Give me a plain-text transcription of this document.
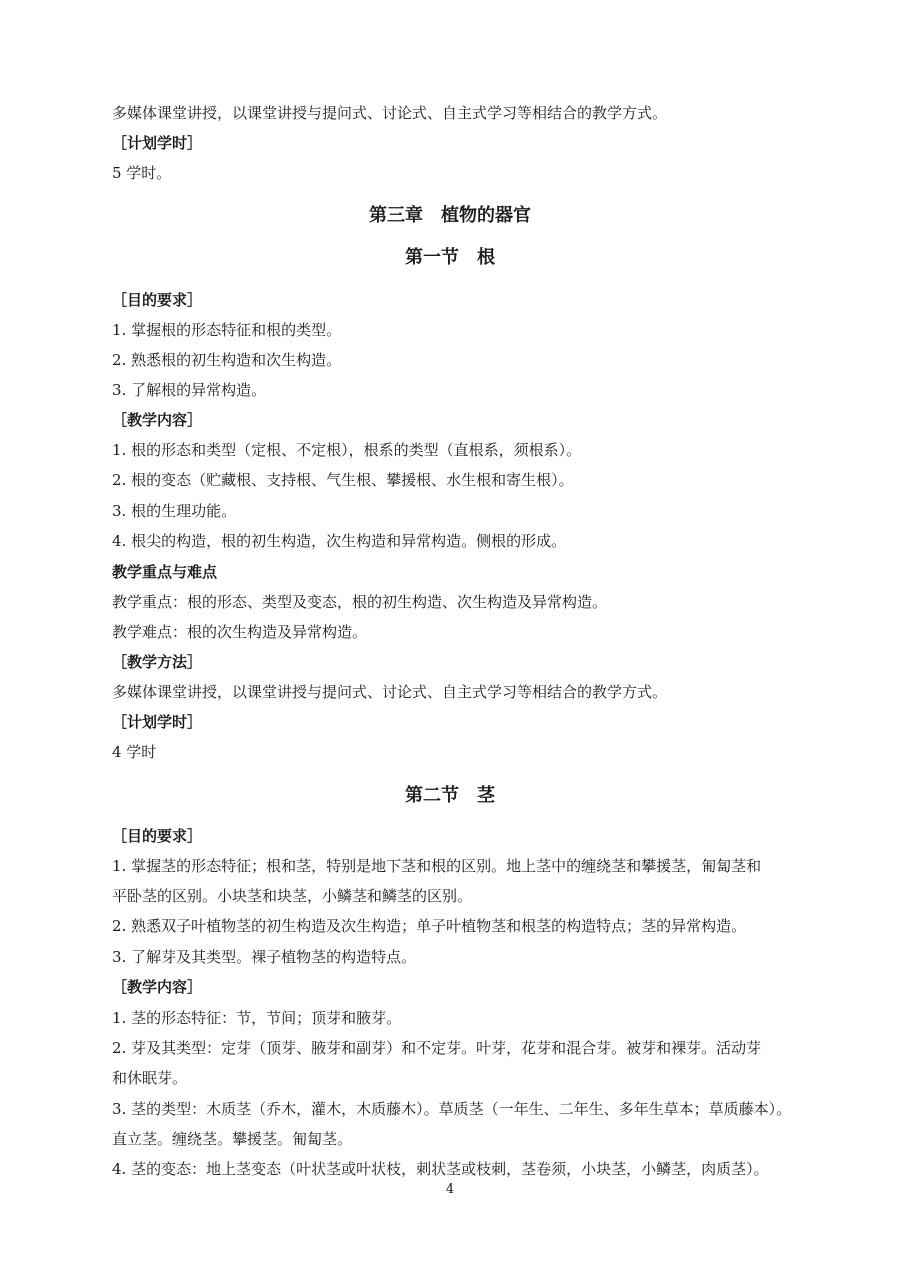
多媒体课堂讲授，以课堂讲授与提问式、讨论式、自主式学习等相结合的教学方式。
［计划学时］
5 学时。
第三章　植物的器官
第一节　根
［目的要求］
1. 掌握根的形态特征和根的类型。
2. 熟悉根的初生构造和次生构造。
3. 了解根的异常构造。
［教学内容］
1. 根的形态和类型（定根、不定根），根系的类型（直根系，须根系）。
2. 根的变态（贮藏根、支持根、气生根、攀援根、水生根和寄生根）。
3. 根的生理功能。
4. 根尖的构造，根的初生构造，次生构造和异常构造。侧根的形成。
教学重点与难点
教学重点：根的形态、类型及变态，根的初生构造、次生构造及异常构造。
教学难点：根的次生构造及异常构造。
［教学方法］
多媒体课堂讲授，以课堂讲授与提问式、讨论式、自主式学习等相结合的教学方式。
［计划学时］
4 学时
第二节　茎
［目的要求］
1. 掌握茎的形态特征；根和茎，特别是地下茎和根的区别。地上茎中的缠绕茎和攀援茎，匍匐茎和
平卧茎的区别。小块茎和块茎，小鳞茎和鳞茎的区别。
2. 熟悉双子叶植物茎的初生构造及次生构造；单子叶植物茎和根茎的构造特点；茎的异常构造。
3. 了解芽及其类型。裸子植物茎的构造特点。
［教学内容］
1. 茎的形态特征：节，节间；顶芽和腋芽。
2. 芽及其类型：定芽（顶芽、腋芽和副芽）和不定芽。叶芽，花芽和混合芽。被芽和裸芽。活动芽
和休眠芽。
3. 茎的类型：木质茎（乔木，灌木，木质藤木）。草质茎（一年生、二年生、多年生草本；草质藤本）。
直立茎。缠绕茎。攀援茎。匍匐茎。
4. 茎的变态：地上茎变态（叶状茎或叶状枝，刺状茎或枝刺，茎卷须，小块茎，小鳞茎，肉质茎）。
4
